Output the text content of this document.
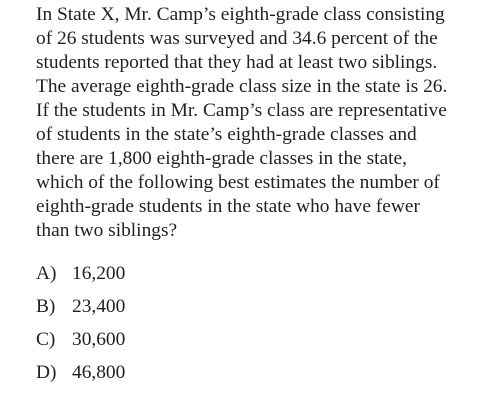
In State X, Mr. Camp’s eighth-grade class consisting
of 26 students was surveyed and 34.6 percent of the
students reported that they had at least two siblings.
The average eighth-grade class size in the state is 26.
If the students in Mr. Camp’s class are representative
of students in the state’s eighth-grade classes and
there are 1,800 eighth-grade classes in the state,
which of the following best estimates the number of
eighth-grade students in the state who have fewer
than two siblings?

A) 16,200
B) 23,400
C) 30,600
D) 46,800
